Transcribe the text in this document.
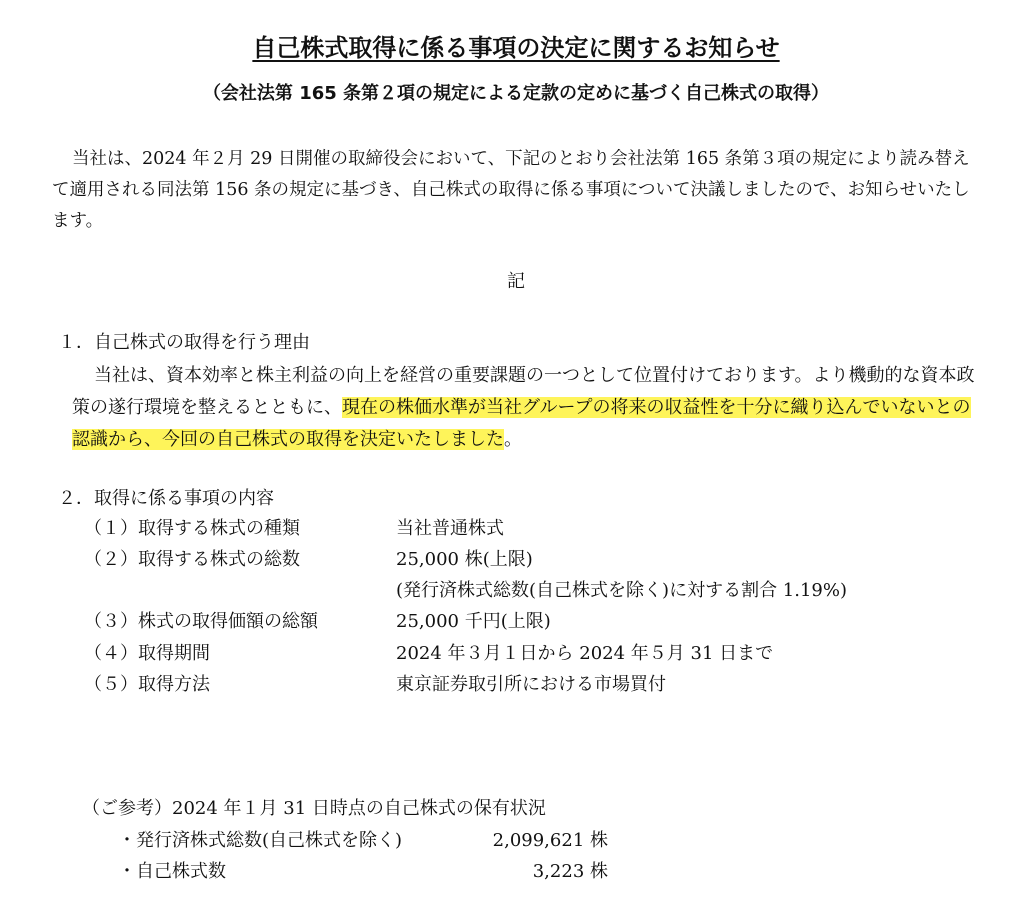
自己株式取得に係る事項の決定に関するお知らせ
（会社法第 165 条第２項の規定による定款の定めに基づく自己株式の取得）
当社は、2024 年２月 29 日開催の取締役会において、下記のとおり会社法第 165 条第３項の規定により読み替えて適用される同法第 156 条の規定に基づき、自己株式の取得に係る事項について決議しましたので、お知らせいたします。
記
１．自己株式の取得を行う理由
当社は、資本効率と株主利益の向上を経営の重要課題の一つとして位置付けております。より機動的な資本政策の遂行環境を整えるとともに、現在の株価水準が当社グループの将来の収益性を十分に織り込んでいないとの認識から、今回の自己株式の取得を決定いたしました。
２．取得に係る事項の内容
（１）取得する株式の種類	当社普通株式
（２）取得する株式の総数	25,000 株(上限)
(発行済株式総数(自己株式を除く)に対する割合 1.19%)
（３）株式の取得価額の総額	25,000 千円(上限)
（４）取得期間	2024 年３月１日から 2024 年５月 31 日まで
（５）取得方法	東京証券取引所における市場買付
（ご参考）2024 年１月 31 日時点の自己株式の保有状況
・発行済株式総数(自己株式を除く)	2,099,621 株
・自己株式数	3,223 株
